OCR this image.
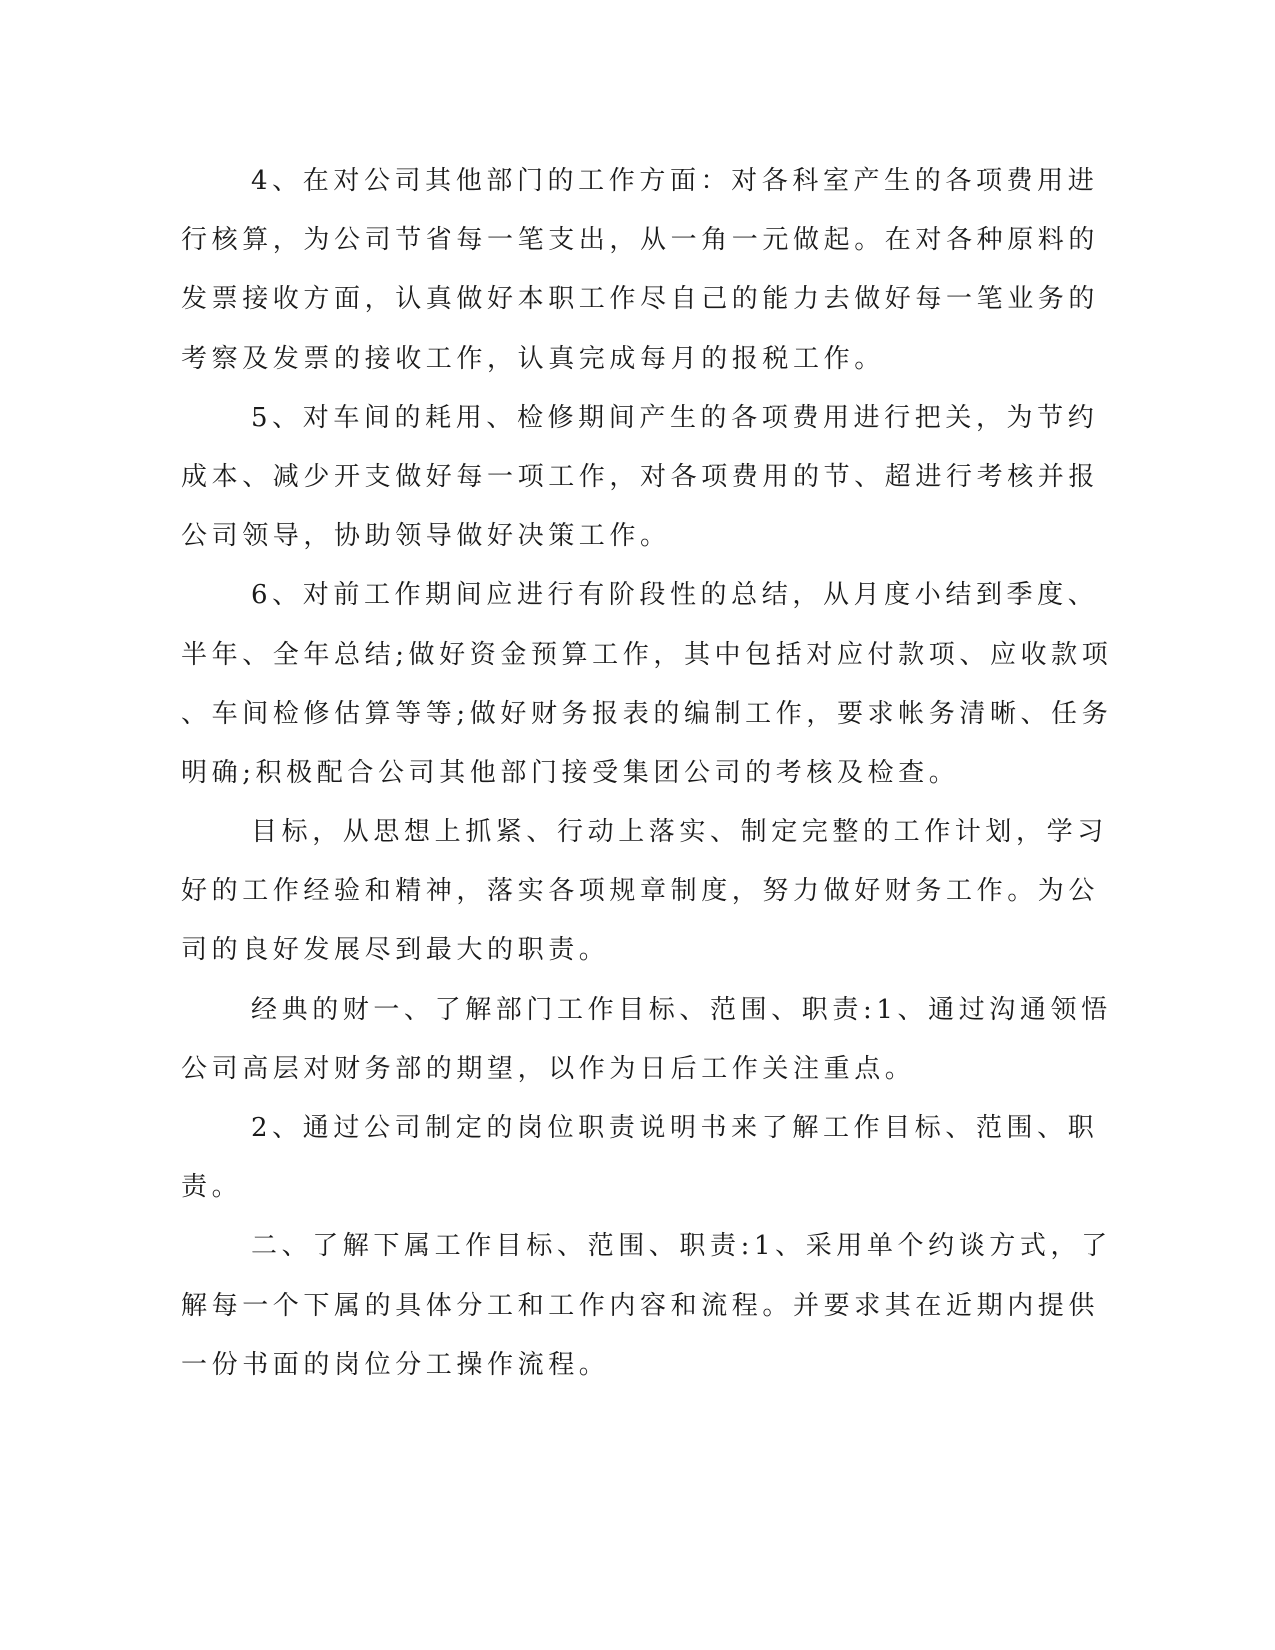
4、在对公司其他部门的工作方面：对各科室产生的各项费用进
行核算，为公司节省每一笔支出，从一角一元做起。在对各种原料的
发票接收方面，认真做好本职工作尽自己的能力去做好每一笔业务的
考察及发票的接收工作，认真完成每月的报税工作。
5、对车间的耗用、检修期间产生的各项费用进行把关，为节约
成本、减少开支做好每一项工作，对各项费用的节、超进行考核并报
公司领导，协助领导做好决策工作。
6、对前工作期间应进行有阶段性的总结，从月度小结到季度、
半年、全年总结;做好资金预算工作，其中包括对应付款项、应收款项
、车间检修估算等等;做好财务报表的编制工作，要求帐务清晰、任务
明确;积极配合公司其他部门接受集团公司的考核及检查。
目标，从思想上抓紧、行动上落实、制定完整的工作计划，学习
好的工作经验和精神，落实各项规章制度，努力做好财务工作。为公
司的良好发展尽到最大的职责。
经典的财一、了解部门工作目标、范围、职责:1、通过沟通领悟
公司高层对财务部的期望，以作为日后工作关注重点。
2、通过公司制定的岗位职责说明书来了解工作目标、范围、职
责。
二、了解下属工作目标、范围、职责:1、采用单个约谈方式，了
解每一个下属的具体分工和工作内容和流程。并要求其在近期内提供
一份书面的岗位分工操作流程。
